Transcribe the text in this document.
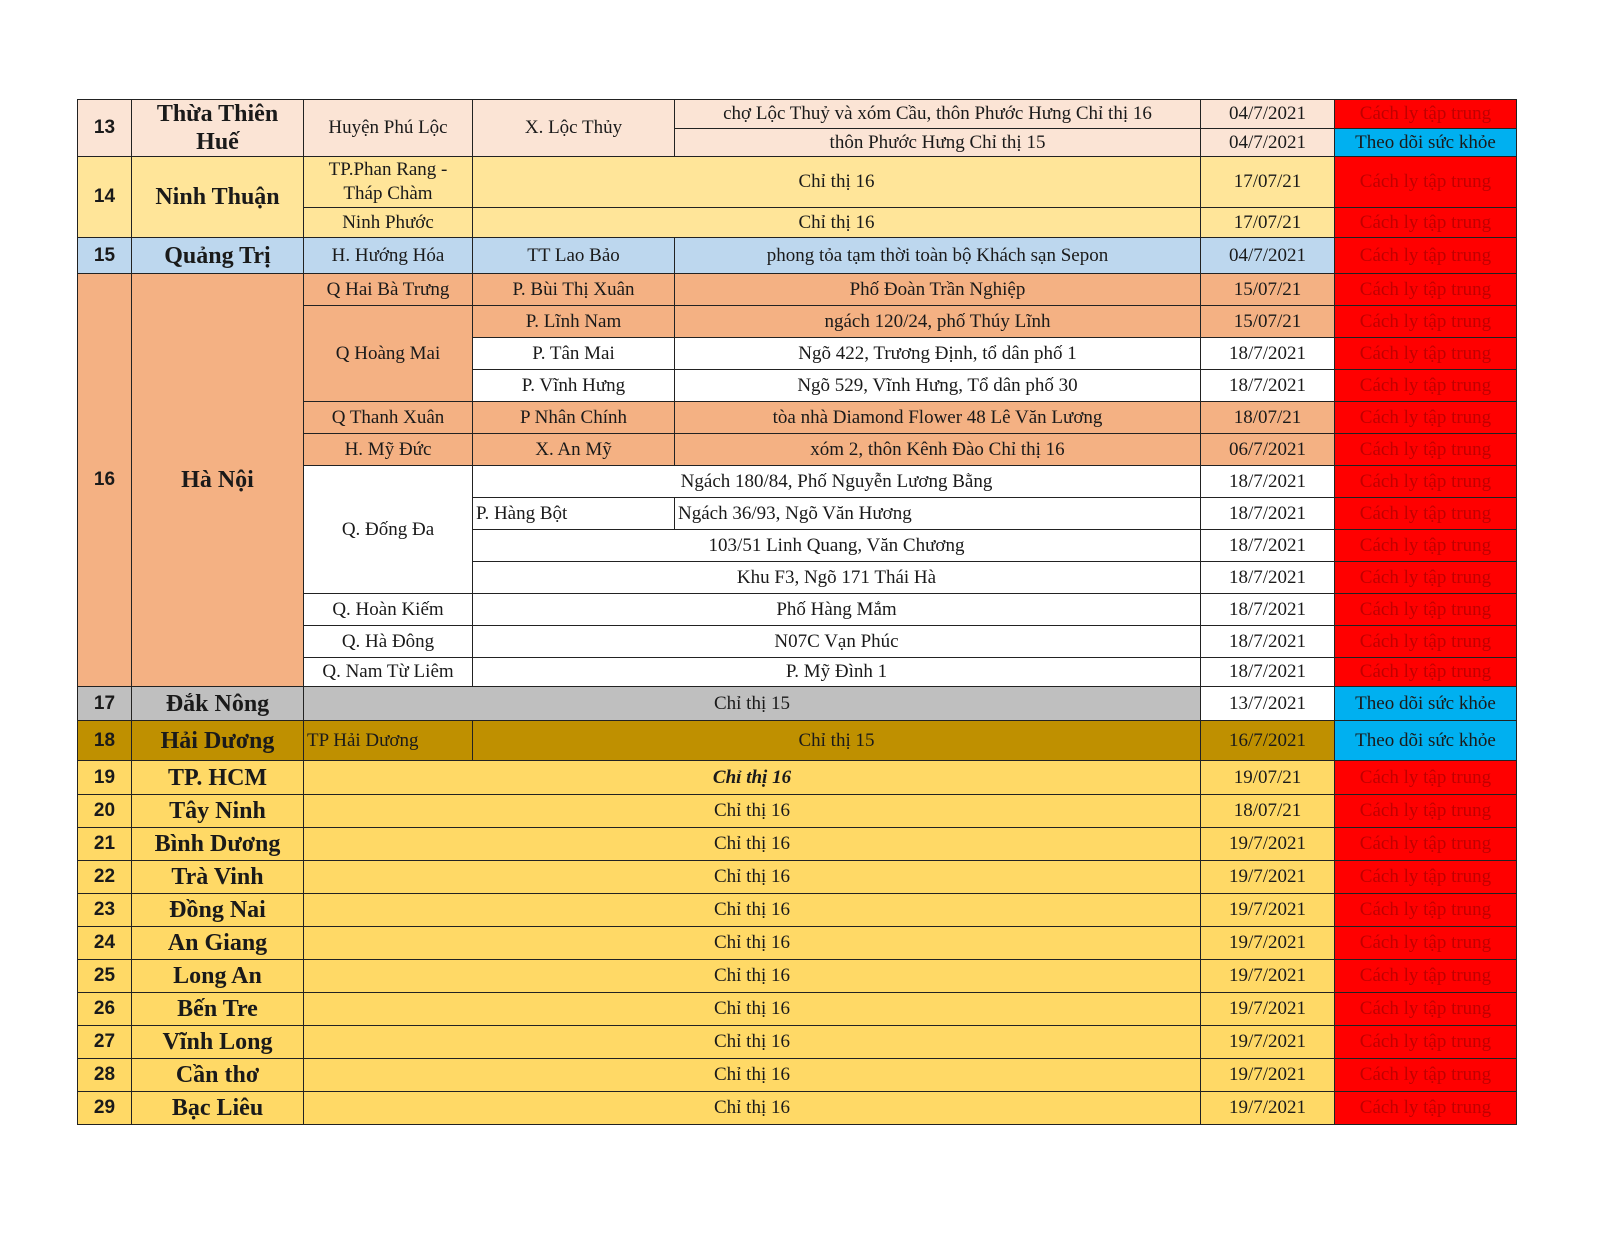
13	Thừa Thiên Huế	Huyện Phú Lộc	X. Lộc Thủy	chợ Lộc Thuỷ và xóm Cầu, thôn Phước Hưng Chỉ thị 16	04/7/2021	Cách ly tập trung
				thôn Phước Hưng Chỉ thị 15	04/7/2021	Theo dõi sức khỏe
14	Ninh Thuận	TP.Phan Rang - Tháp Chàm	Chỉ thị 16		17/07/21	Cách ly tập trung
		Ninh Phước	Chỉ thị 16		17/07/21	Cách ly tập trung
15	Quảng Trị	H. Hướng Hóa	TT Lao Bảo	phong tỏa tạm thời toàn bộ Khách sạn Sepon	04/7/2021	Cách ly tập trung
16	Hà Nội	Q Hai Bà Trưng	P. Bùi Thị Xuân	Phố Đoàn Trần Nghiệp	15/07/21	Cách ly tập trung
		Q Hoàng Mai	P. Lĩnh Nam	ngách 120/24, phố Thúy Lĩnh	15/07/21	Cách ly tập trung
			P. Tân Mai	Ngõ 422, Trương Định, tổ dân phố 1	18/7/2021	Cách ly tập trung
			P. Vĩnh Hưng	Ngõ 529, Vĩnh Hưng, Tổ dân phố 30	18/7/2021	Cách ly tập trung
		Q Thanh Xuân	P Nhân Chính	tòa nhà Diamond Flower 48 Lê Văn Lương	18/07/21	Cách ly tập trung
		H. Mỹ Đức	X. An Mỹ	xóm 2, thôn Kênh Đào Chỉ thị 16	06/7/2021	Cách ly tập trung
		Q. Đống Đa	Ngách 180/84, Phố Nguyễn Lương Bằng		18/7/2021	Cách ly tập trung
			P. Hàng Bột	Ngách 36/93, Ngõ Văn Hương	18/7/2021	Cách ly tập trung
			103/51 Linh Quang, Văn Chương		18/7/2021	Cách ly tập trung
			Khu F3, Ngõ 171 Thái Hà		18/7/2021	Cách ly tập trung
		Q. Hoàn Kiếm	Phố Hàng Mắm		18/7/2021	Cách ly tập trung
		Q. Hà Đông	N07C Vạn Phúc		18/7/2021	Cách ly tập trung
		Q. Nam Từ Liêm	P. Mỹ Đình 1		18/7/2021	Cách ly tập trung
17	Đắk Nông	Chỉ thị 15			13/7/2021	Theo dõi sức khỏe
18	Hải Dương	TP Hải Dương	Chỉ thị 15		16/7/2021	Theo dõi sức khỏe
19	TP. HCM	Chỉ thị 16			19/07/21	Cách ly tập trung
20	Tây Ninh	Chỉ thị 16			18/07/21	Cách ly tập trung
21	Bình Dương	Chỉ thị 16			19/7/2021	Cách ly tập trung
22	Trà Vinh	Chỉ thị 16			19/7/2021	Cách ly tập trung
23	Đồng Nai	Chỉ thị 16			19/7/2021	Cách ly tập trung
24	An Giang	Chỉ thị 16			19/7/2021	Cách ly tập trung
25	Long An	Chỉ thị 16			19/7/2021	Cách ly tập trung
26	Bến Tre	Chỉ thị 16			19/7/2021	Cách ly tập trung
27	Vĩnh Long	Chỉ thị 16			19/7/2021	Cách ly tập trung
28	Cần thơ	Chỉ thị 16			19/7/2021	Cách ly tập trung
29	Bạc Liêu	Chỉ thị 16			19/7/2021	Cách ly tập trung
